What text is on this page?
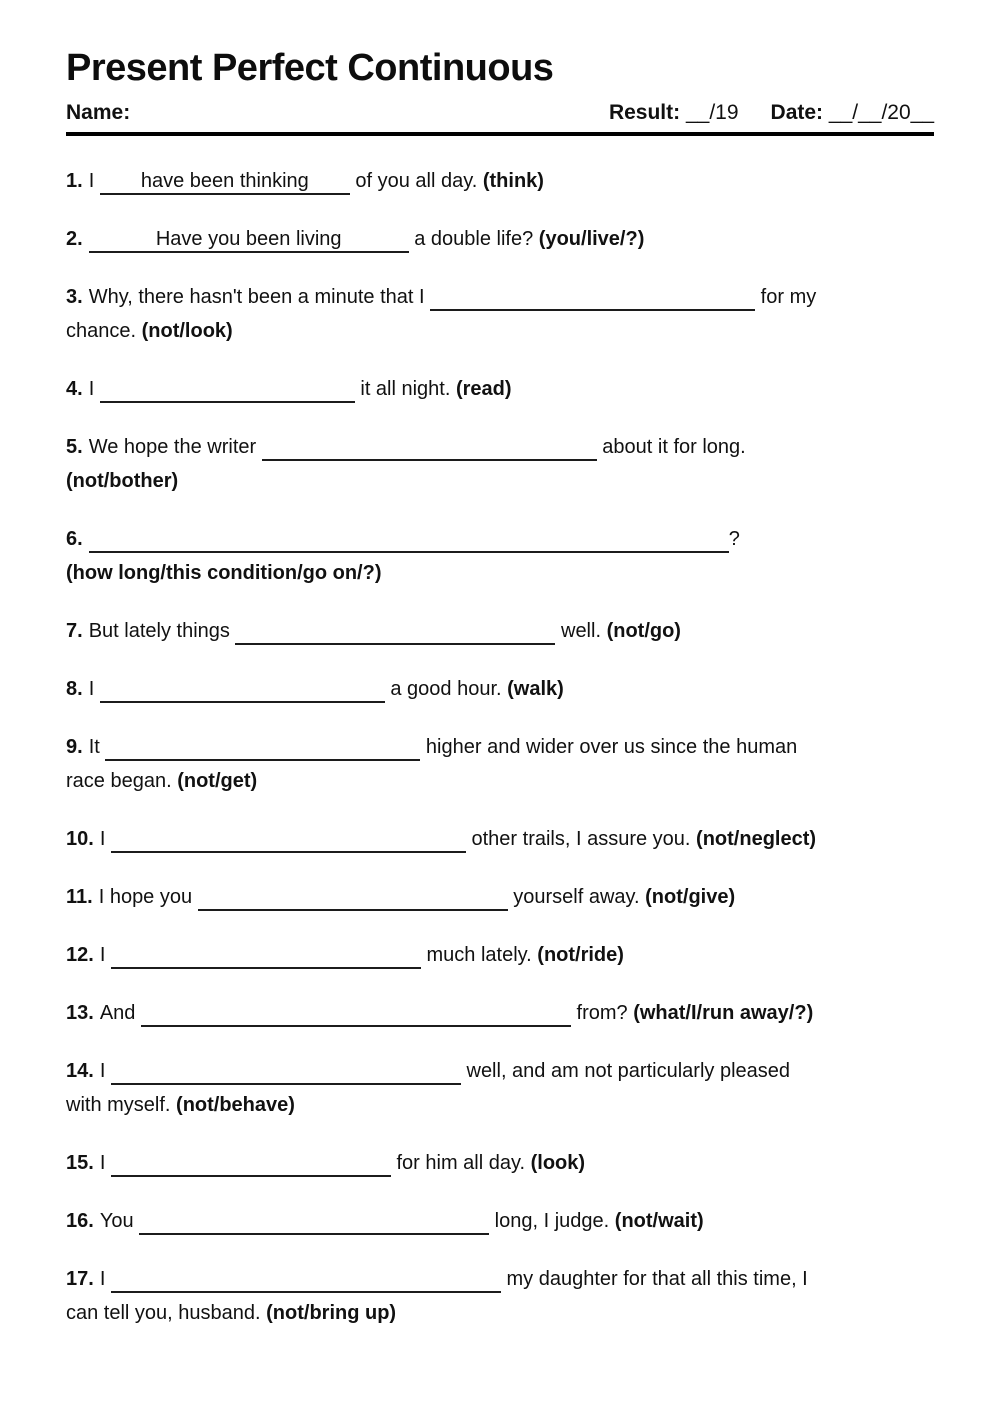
Present Perfect Continuous
Name:	Result: __/19 Date: __/__/20__

1. I have been thinking of you all day. (think)

2.	Have you been living	a double life? (you/live/?)

3. Why, there hasn't been a minute that I	for my
chance. (not/look)

4. I	it all night. (read)

5. We hope the writer	about it for long.
(not/bother)

6.	?
(how long/this condition/go on/?)

7. But lately things	well. (not/go)

8. I	a good hour. (walk)

9. It	higher and wider over us since the human
race began. (not/get)

10. I	other trails, I assure you. (not/neglect)

11. I hope you	yourself away. (not/give)

12. I	much lately. (not/ride)

13. And	from? (what/I/run away/?)

14. I	well, and am not particularly pleased
with myself. (not/behave)

15. I	for him all day. (look)

16. You	long, I judge. (not/wait)

17. I	my daughter for that all this time, I
can tell you, husband. (not/bring up)
